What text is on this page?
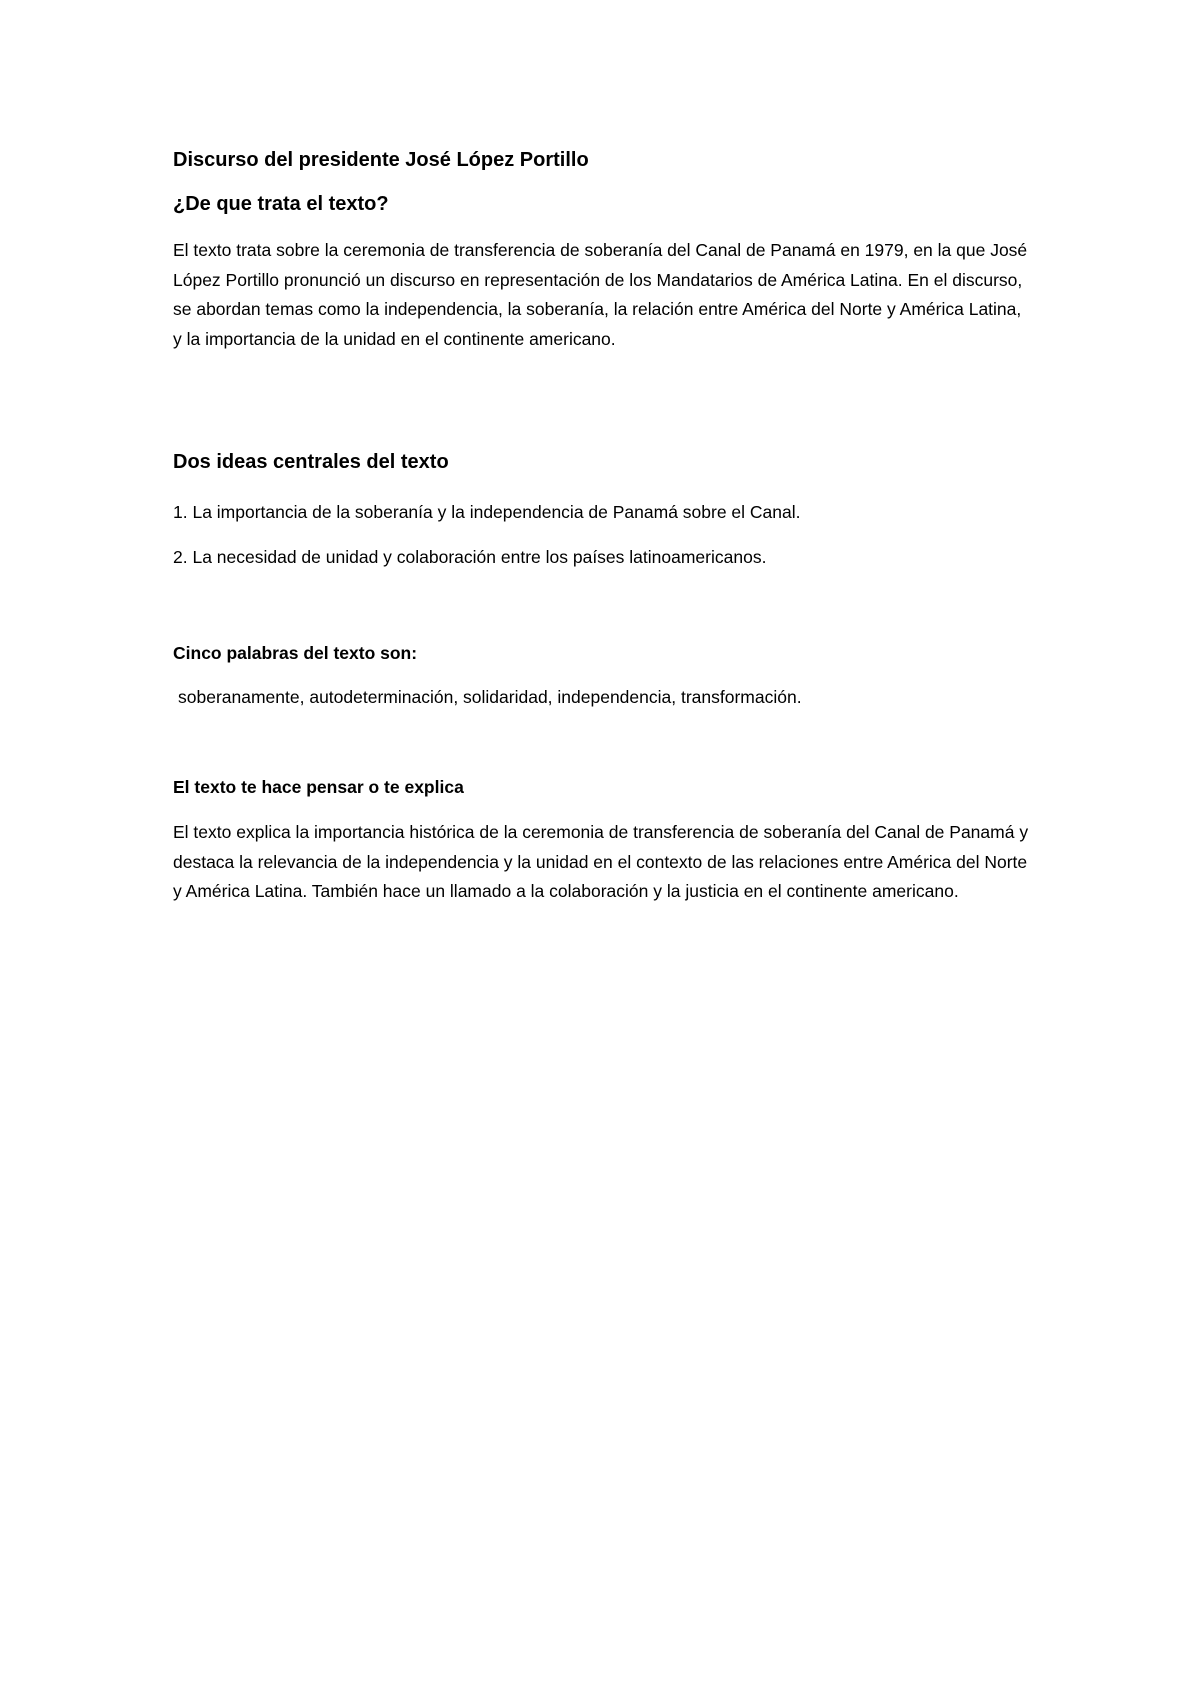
Discurso del presidente José López Portillo
¿De que trata el texto?

El texto trata sobre la ceremonia de transferencia de soberanía del Canal de Panamá en 1979, en la que José López Portillo pronunció un discurso en representación de los Mandatarios de América Latina. En el discurso, se abordan temas como la independencia, la soberanía, la relación entre América del Norte y América Latina, y la importancia de la unidad en el continente americano.

Dos ideas centrales del texto
1. La importancia de la soberanía y la independencia de Panamá sobre el Canal.
2. La necesidad de unidad y colaboración entre los países latinoamericanos.
Cinco palabras del texto son:
soberanamente, autodeterminación, solidaridad, independencia, transformación.
El texto te hace pensar o te explica

El texto explica la importancia histórica de la ceremonia de transferencia de soberanía del Canal de Panamá y destaca la relevancia de la independencia y la unidad en el contexto de las relaciones entre América del Norte y América Latina. También hace un llamado a la colaboración y la justicia en el continente americano.
